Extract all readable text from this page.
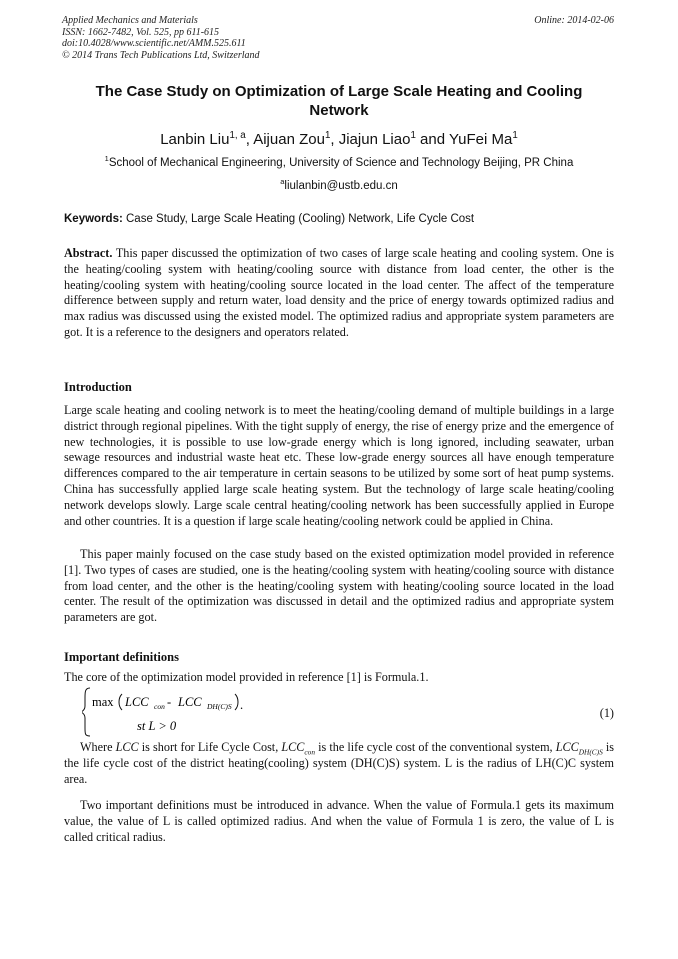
Applied Mechanics and Materials
ISSN: 1662-7482, Vol. 525, pp 611-615
doi:10.4028/www.scientific.net/AMM.525.611
© 2014 Trans Tech Publications Ltd, Switzerland
Online: 2014-02-06
The Case Study on Optimization of Large Scale Heating and Cooling Network
Lanbin Liu$^{1, a}$, Aijuan Zou$^1$, Jiajun Liao$^1$ and YuFei Ma$^1$
$^1$School of Mechanical Engineering, University of Science and Technology Beijing, PR China
$^a$liulanbin@ustb.edu.cn
Keywords: Case Study, Large Scale Heating (Cooling) Network, Life Cycle Cost
Abstract. This paper discussed the optimization of two cases of large scale heating and cooling system. One is the heating/cooling system with heating/cooling source with distance from load center, the other is the heating/cooling system with heating/cooling source located in the load center. The affect of the temperature difference between supply and return water, load density and the price of energy towards optimized radius and max radius was discussed using the existed model. The optimized radius and appropriate system parameters are got. It is a reference to the designers and operators related.
Introduction
Large scale heating and cooling network is to meet the heating/cooling demand of multiple buildings in a large district through regional pipelines. With the tight supply of energy, the rise of energy prize and the emergence of new technologies, it is possible to use low-grade energy which is long ignored, including seawater, urban sewage resources and industrial waste heat etc. These low-grade energy sources all have enough temperature differences compared to the air temperature in certain seasons to be utilized by some sort of heat pump systems. China has successfully applied large scale heating system. But the technology of large scale heating/cooling network develops slowly. Large scale central heating/cooling network has been successfully applied in Europe and other countries. It is a question if large scale heating/cooling network could be applied in China.
This paper mainly focused on the case study based on the existed optimization model provided in reference [1]. Two types of cases are studied, one is the heating/cooling system with heating/cooling source with distance from load center, and the other is the heating/cooling system with heating/cooling source located in the load center. The result of the optimization was discussed in detail and the optimized radius and appropriate system parameters are got.
Important definitions
The core of the optimization model provided in reference [1] is Formula.1.
max LCC con - LCC DH(C)S .
st L > 0
(1)
Where LCC is short for Life Cycle Cost, $LCC_{con}$ is the life cycle cost of the conventional system, $LCC_{DH(C)S}$ is the life cycle cost of the district heating(cooling) system (DH(C)S) system. L is the radius of LH(C)C system area.
Two important definitions must be introduced in advance. When the value of Formula.1 gets its maximum value, the value of L is called optimized radius. And when the value of Formula 1 is zero, the value of L is called critical radius.
